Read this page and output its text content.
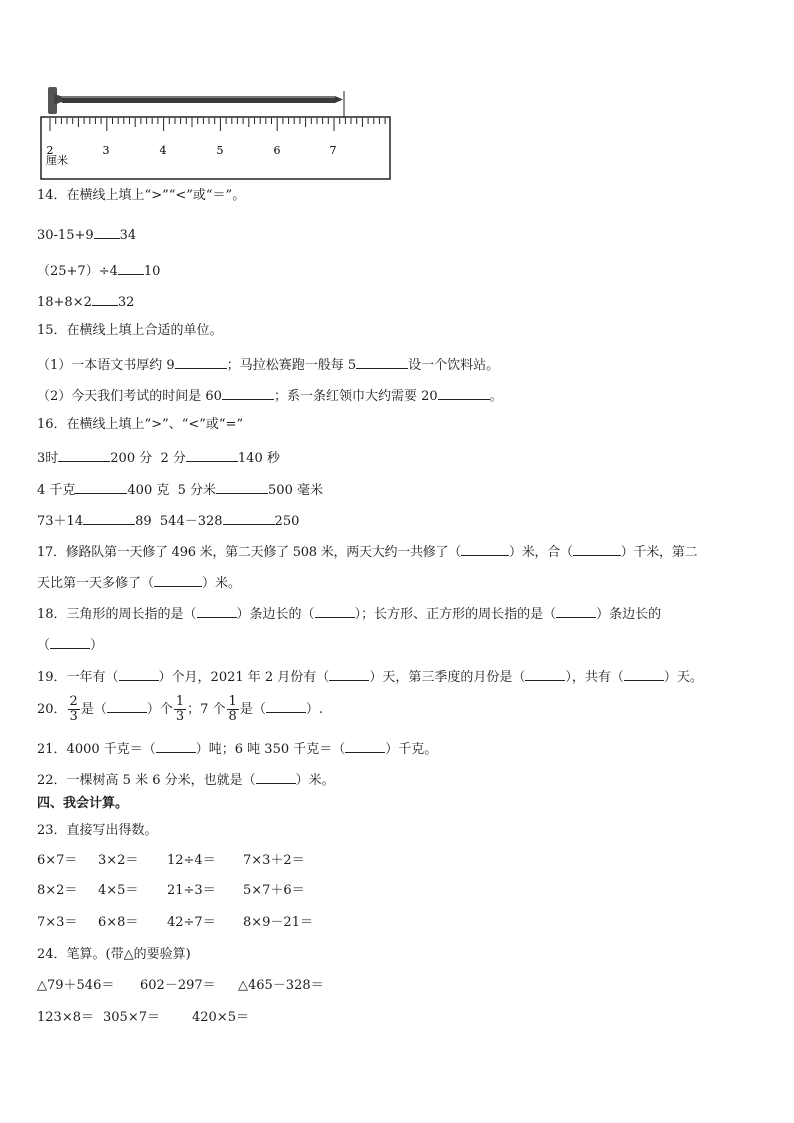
2	3	4	5	6	7
厘米
14．在横线上填上“>”“<”或“＝”。
30-15+9 34
（25+7）÷4 10
18+8×2 32
15．在横线上填上合适的单位。
（1）一本语文书厚约 9	；马拉松赛跑一般每 5	设一个饮料站。
（2）今天我们考试的时间是 60	；系一条红领巾大约需要 20	。
16．在横线上填上“>”、“<”或“=”
3时	200 分 2 分	140 秒
4 千克	400 克 5 分米	500 毫米
73＋14	89 544－328	250
17．修路队第一天修了 496 米，第二天修了 508 米，两天大约一共修了（	）米，合（	）千米，第二
天比第一天多修了（	）米。
18．三角形的周长指的是（	）条边长的（	）；长方形、正方形的周长指的是（	）条边长的
（	）
19．一年有（	）个月，2021 年 2 月份有（	）天，第三季度的月份是（	），共有（	）天。
20． $\frac{2}{3}$ 是（	）个 $\frac{1}{3}$ ；7 个 $\frac{1}{8}$ 是（	）.
21．4000 千克＝（	）吨；6 吨 350 千克＝（	）千克。
22．一棵树高 5 米 6 分米，也就是（	）米。
四、我会计算。
23．直接写出得数。
6×7＝ 3×2＝ 12÷4＝ 7×3＋2＝
8×2＝ 4×5＝ 21÷3＝ 5×7＋6＝
7×3＝ 6×8＝ 42÷7＝ 8×9－21＝
24．笔算。(带△的要验算)
△79＋546＝ 602－297＝ △465－328＝
123×8＝ 305×7＝ 420×5＝
